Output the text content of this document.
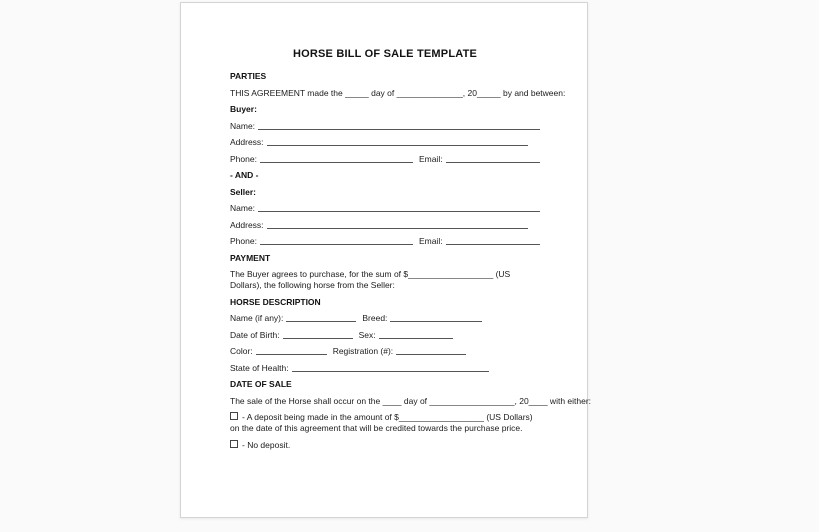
HORSE BILL OF SALE TEMPLATE
PARTIES
THIS AGREEMENT made the _____ day of ______________, 20_____ by and between:
Buyer:
Name:
Address:
Phone:	Email:
- AND -
Seller:
Name:
Address:
Phone:	Email:
PAYMENT
The Buyer agrees to purchase, for the sum of $__________________ (US Dollars), the following horse from the Seller:
HORSE DESCRIPTION
Name (if any):	Breed:
Date of Birth:	Sex:
Color:	Registration (#):
State of Health:
DATE OF SALE
The sale of the Horse shall occur on the ____ day of __________________, 20____ with either:
- A deposit being made in the amount of $__________________ (US Dollars) on the date of this agreement that will be credited towards the purchase price.
- No deposit.
